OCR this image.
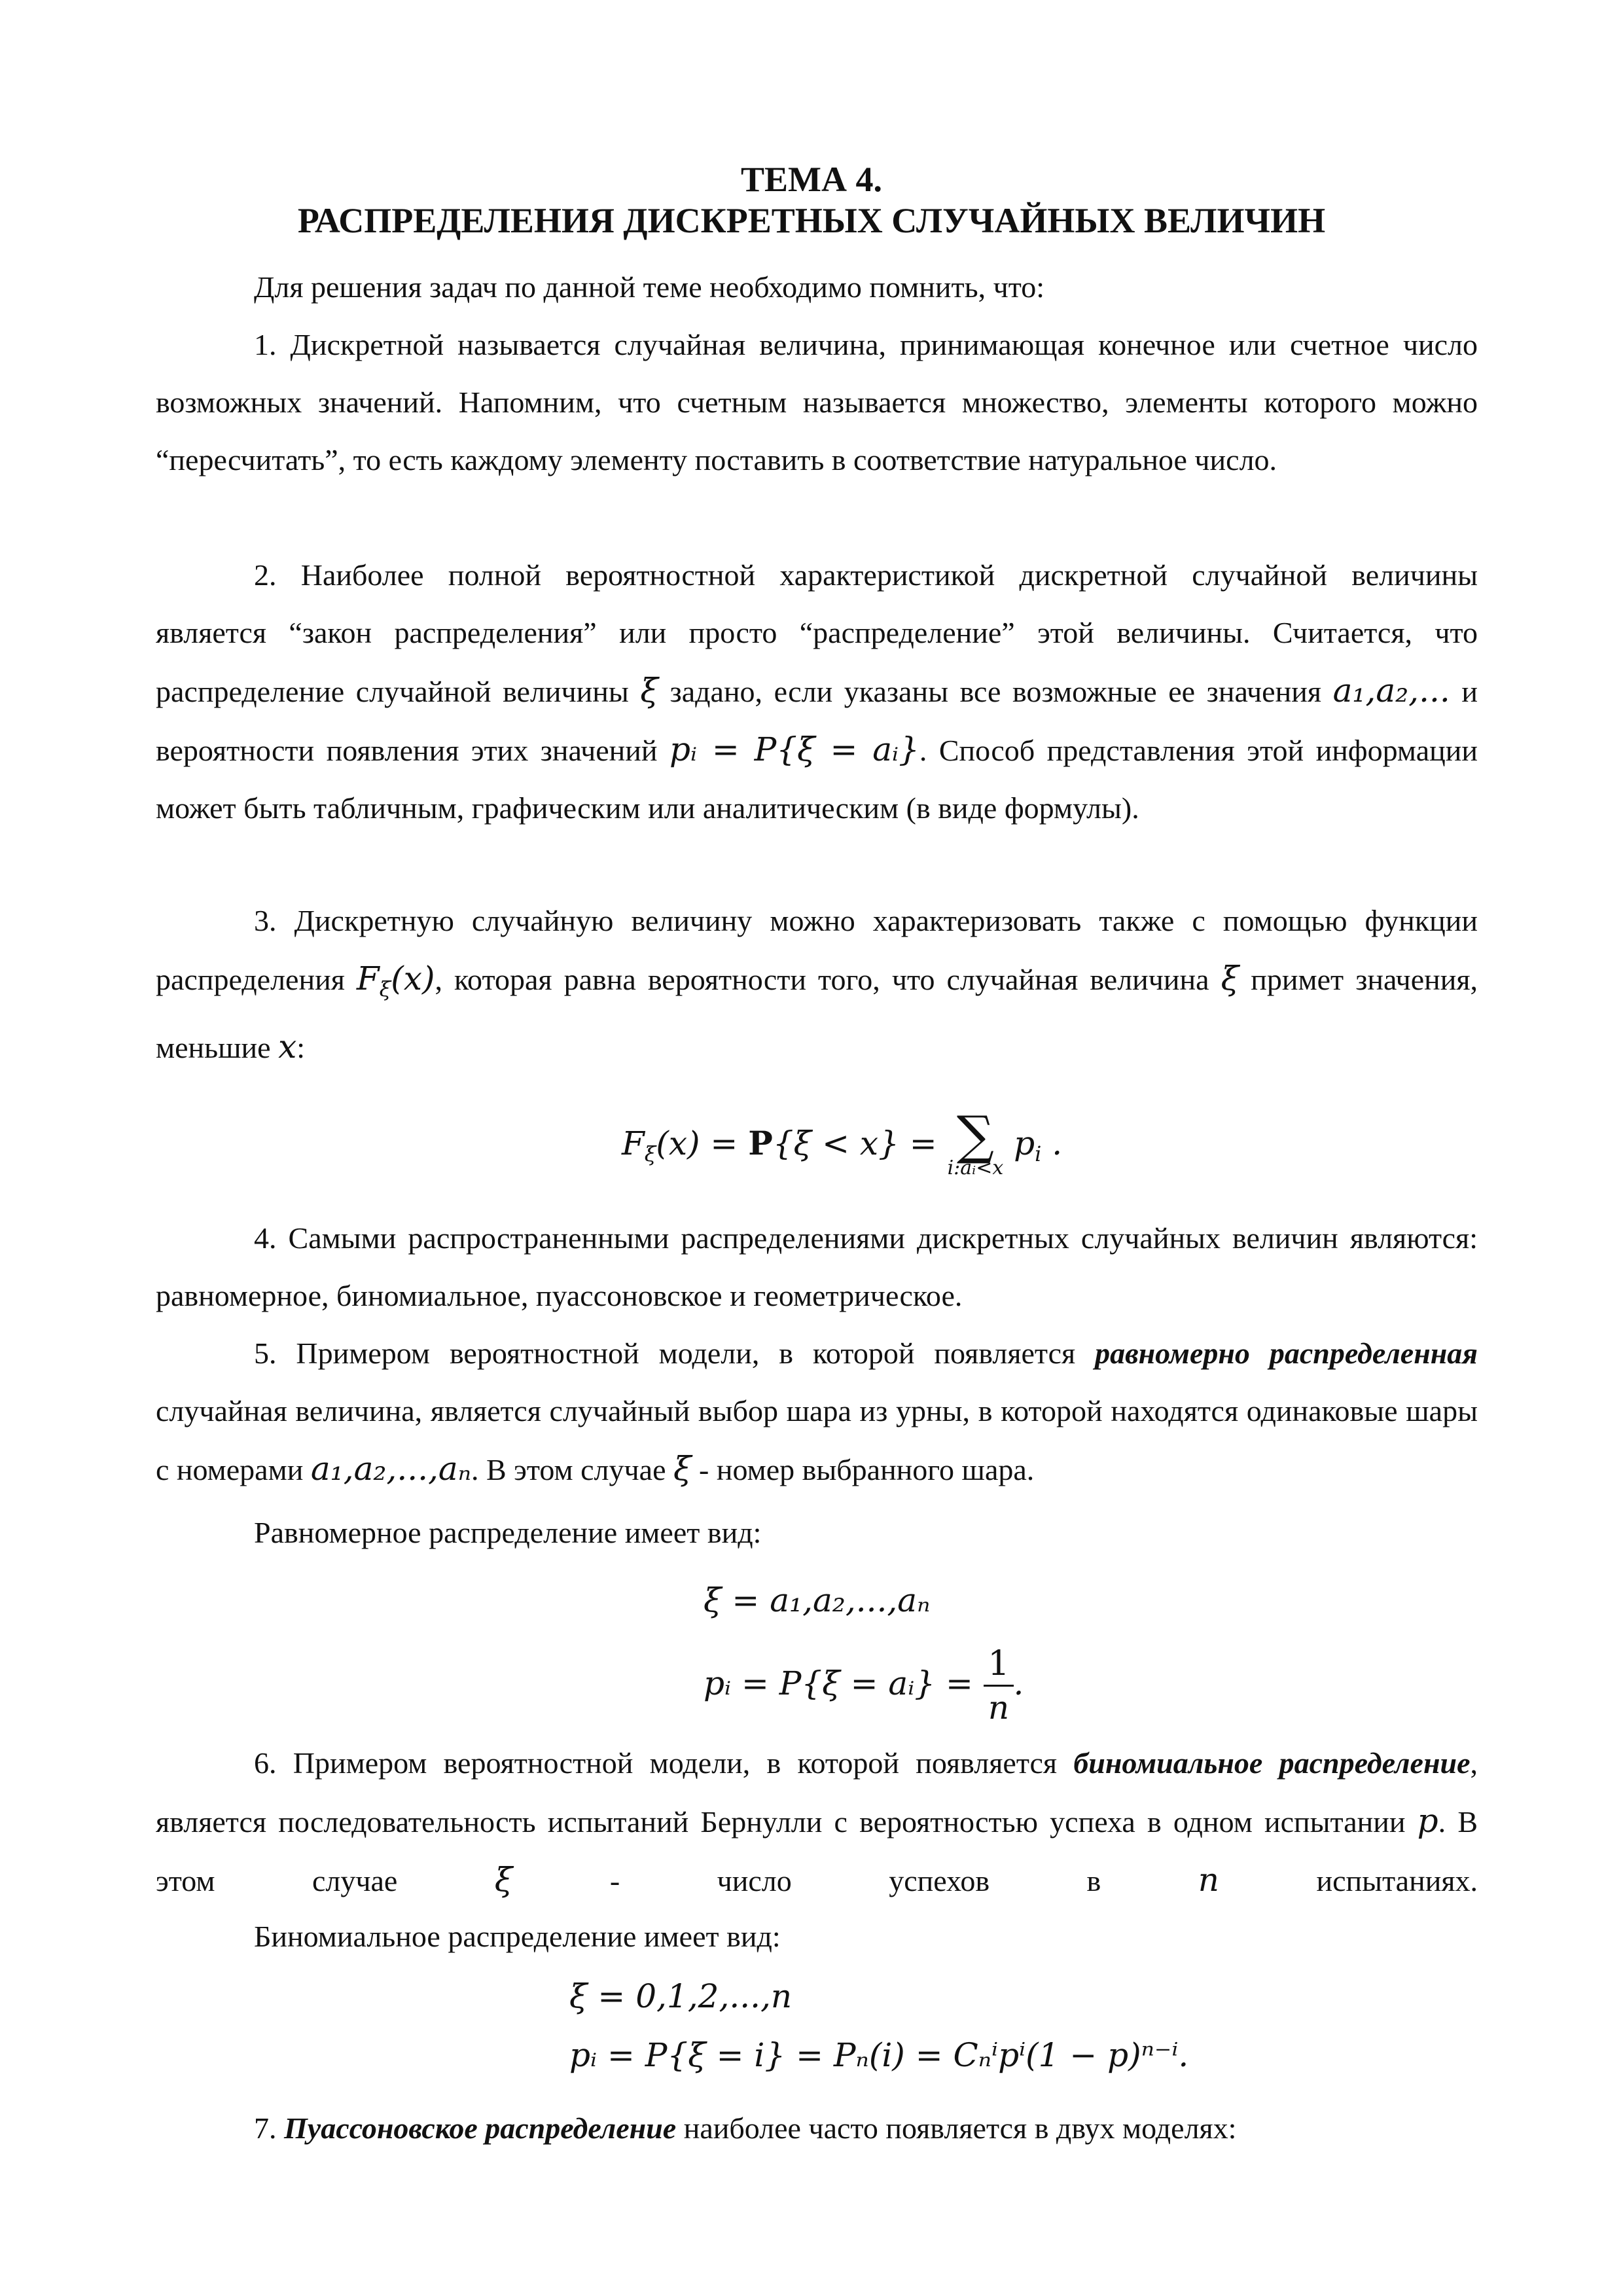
ТЕМА 4.
РАСПРЕДЕЛЕНИЯ ДИСКРЕТНЫХ СЛУЧАЙНЫХ ВЕЛИЧИН

Для решения задач по данной теме необходимо помнить, что:

1. Дискретной называется случайная величина, принимающая конечное или счетное число возможных значений. Напомним, что счетным называется множество, элементы которого можно “пересчитать”, то есть каждому элементу поставить в соответствие натуральное число.

2. Наиболее полной вероятностной характеристикой дискретной случайной величины является “закон распределения” или просто “распределение” этой величины. Считается, что распределение случайной величины ξ задано, если указаны все возможные ее значения a₁,a₂,... и вероятности появления этих значений pᵢ = P{ξ = aᵢ}. Способ представления этой информации может быть табличным, графическим или аналитическим (в виде формулы).

3. Дискретную случайную величину можно характеризовать также с помощью функции распределения $F_\xi(x)$, которая равна вероятности того, что случайная величина ξ примет значения, меньшие x:

$F_\xi(x) = P\{\xi < x\}$ = ∑
i:aᵢ<x
$p_i$ .

4. Самыми распространенными распределениями дискретных случайных величин являются: равномерное, биномиальное, пуассоновское и геометрическое.

5. Примером вероятностной модели, в которой появляется равномерно распределенная случайная величина, является случайный выбор шара из урны, в которой находятся одинаковые шары с номерами a₁,a₂,...,aₙ. В этом случае ξ - номер выбранного шара.

Равномерное распределение имеет вид:

ξ = a₁,a₂,...,aₙ
pᵢ = P{ξ = aᵢ} = $\frac{1}{n}$ .

6. Примером вероятностной модели, в которой появляется биномиальное распределение, является последовательность испытаний Бернулли с вероятностью успеха в одном испытании p. В этом случае ξ - число успехов в n испытаниях.

Биномиальное распределение имеет вид:

ξ = 0,1,2,...,n
pᵢ = P{ξ = i} = Pₙ(i) = Cₙⁱpⁱ(1 − p)ⁿ⁻ⁱ.

7. Пуассоновское распределение наиболее часто появляется в двух моделях:
